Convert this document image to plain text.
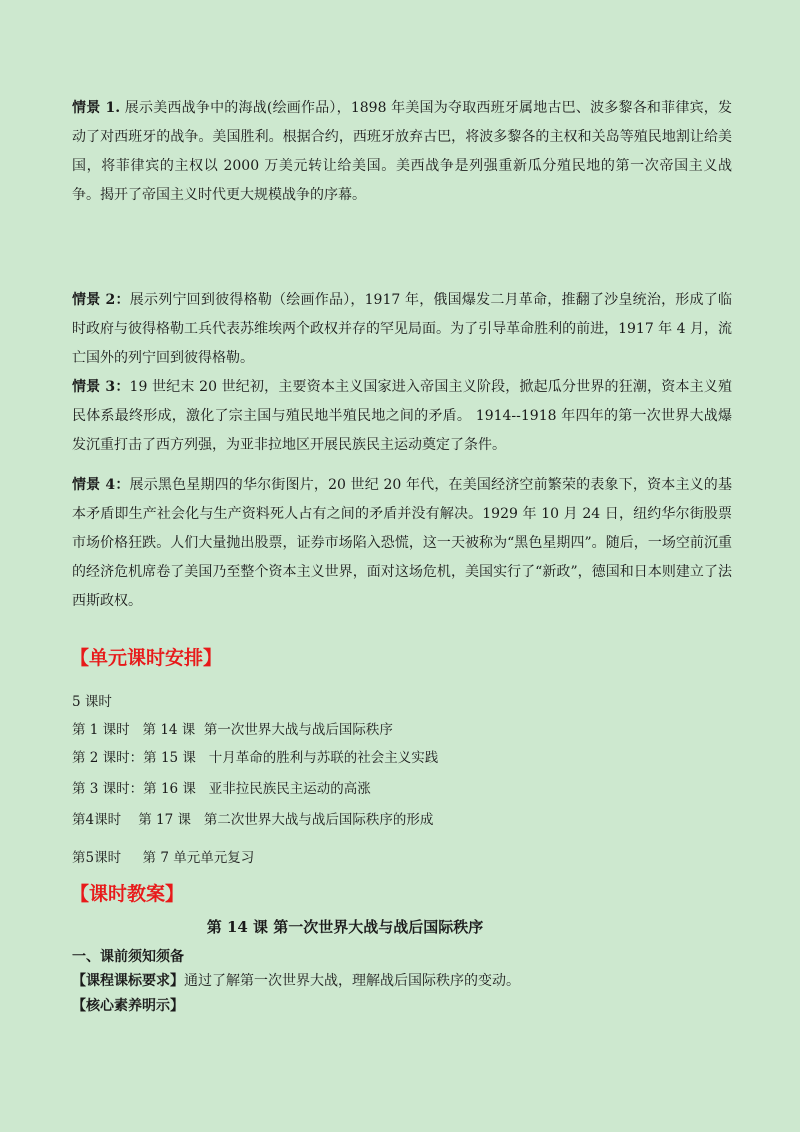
情景 1. 展示美西战争中的海战(绘画作品），1898 年美国为夺取西班牙属地古巴、波多黎各和菲律宾，发动了对西班牙的战争。美国胜利。根据合约，西班牙放弃古巴，将波多黎各的主权和关岛等殖民地割让给美国，将菲律宾的主权以 2000 万美元转让给美国。美西战争是列强重新瓜分殖民地的第一次帝国主义战争。揭开了帝国主义时代更大规模战争的序幕。

情景 2：展示列宁回到彼得格勒（绘画作品），1917 年，俄国爆发二月革命，推翻了沙皇统治，形成了临时政府与彼得格勒工兵代表苏维埃两个政权并存的罕见局面。为了引导革命胜利的前进，1917 年 4 月，流亡国外的列宁回到彼得格勒。

情景 3：19 世纪末 20 世纪初，主要资本主义国家进入帝国主义阶段，掀起瓜分世界的狂潮，资本主义殖民体系最终形成，激化了宗主国与殖民地半殖民地之间的矛盾。 1914--1918 年四年的第一次世界大战爆发沉重打击了西方列强，为亚非拉地区开展民族民主运动奠定了条件。

情景 4：展示黑色星期四的华尔街图片，20 世纪 20 年代，在美国经济空前繁荣的表象下，资本主义的基本矛盾即生产社会化与生产资料死人占有之间的矛盾并没有解决。1929 年 10 月 24 日，纽约华尔街股票市场价格狂跌。人们大量抛出股票，证券市场陷入恐慌，这一天被称为“黑色星期四”。随后，一场空前沉重的经济危机席卷了美国乃至整个资本主义世界，面对这场危机，美国实行了“新政”，德国和日本则建立了法西斯政权。

【单元课时安排】

5 课时

第 1 课时   第 14 课  第一次世界大战与战后国际秩序

第 2 课时：第 15 课   十月革命的胜利与苏联的社会主义实践

第 3 课时：第 16 课   亚非拉民族民主运动的高涨

第4课时    第 17 课   第二次世界大战与战后国际秩序的形成

第5课时     第 7 单元单元复习

【课时教案】

第 14 课 第一次世界大战与战后国际秩序

一、课前须知须备

【课程课标要求】通过了解第一次世界大战，理解战后国际秩序的变动。

【核心素养明示】
